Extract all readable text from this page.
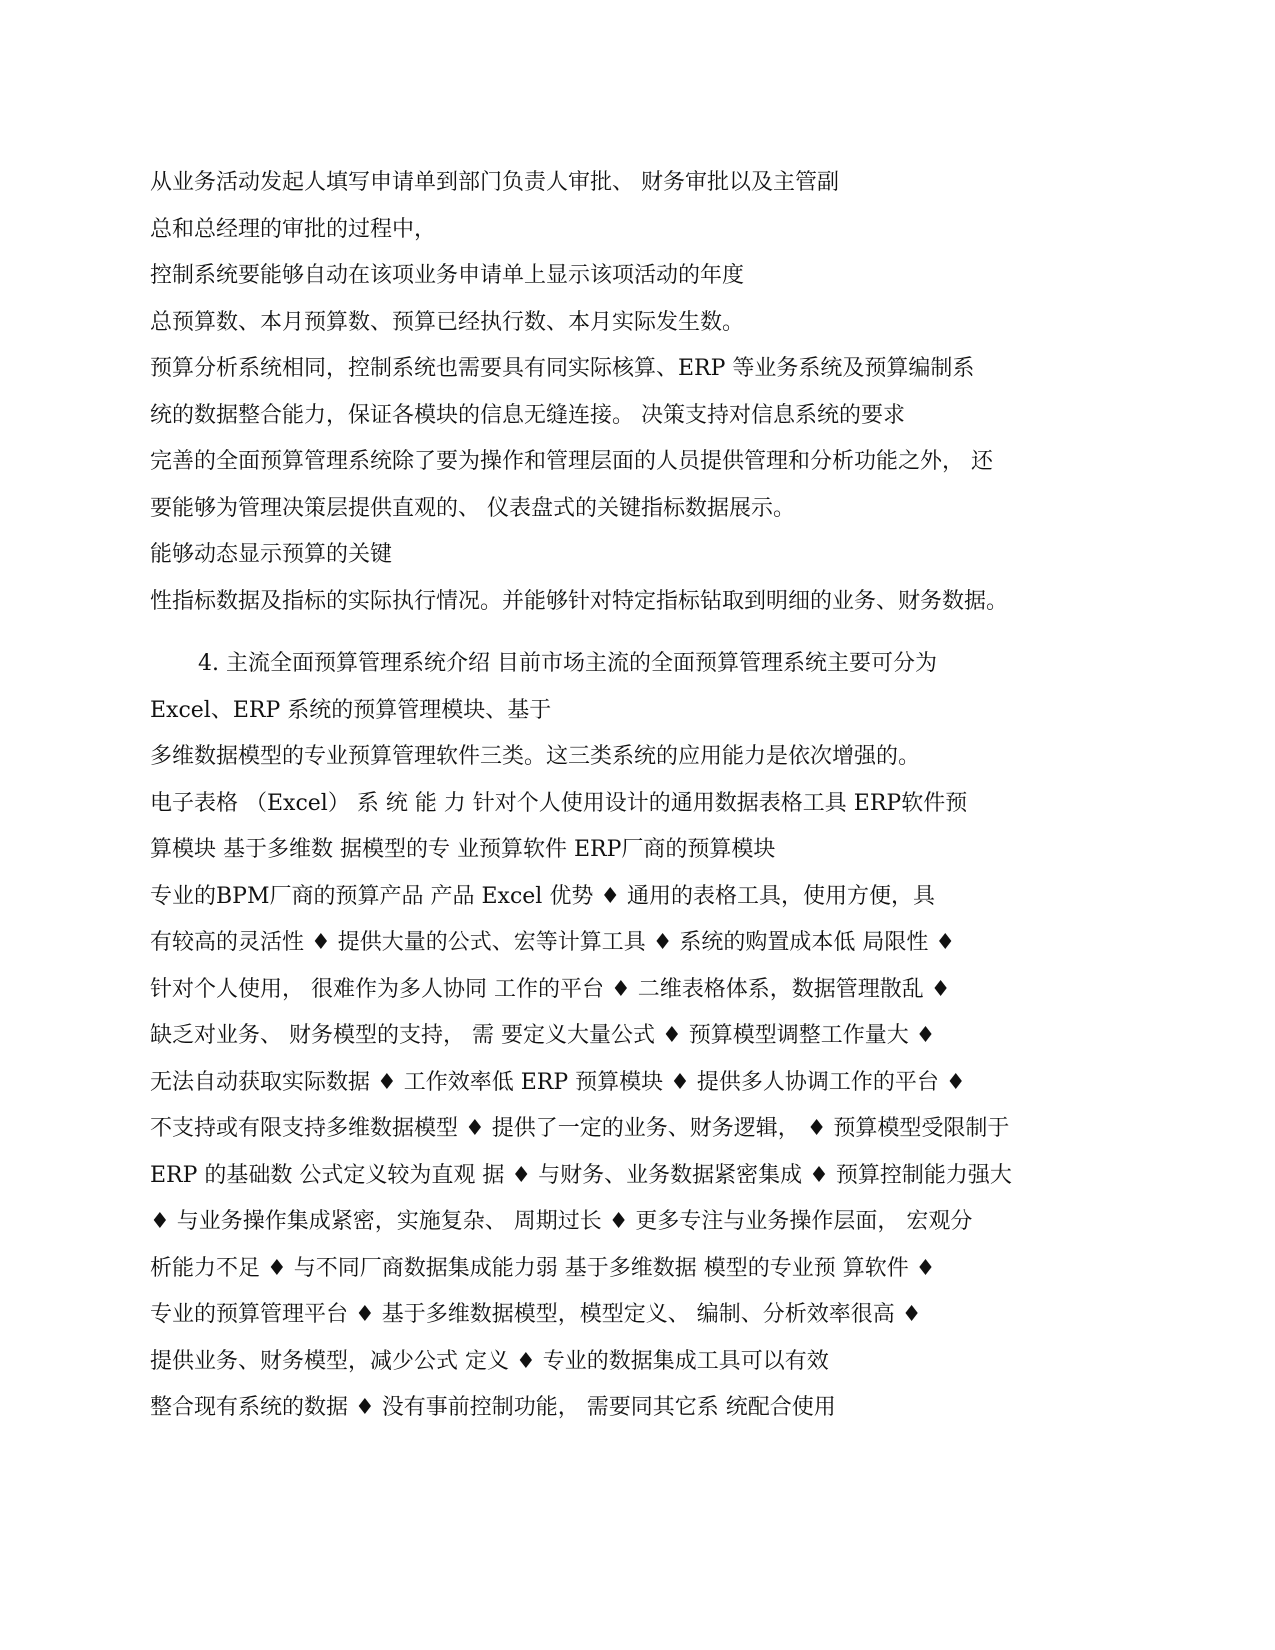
从业务活动发起人填写申请单到部门负责人审批、 财务审批以及主管副
总和总经理的审批的过程中，
控制系统要能够自动在该项业务申请单上显示该项活动的年度
总预算数、本月预算数、预算已经执行数、本月实际发生数。
预算分析系统相同，控制系统也需要具有同实际核算、ERP 等业务系统及预算编制系
统的数据整合能力，保证各模块的信息无缝连接。 决策支持对信息系统的要求
完善的全面预算管理系统除了要为操作和管理层面的人员提供管理和分析功能之外， 还
要能够为管理决策层提供直观的、 仪表盘式的关键指标数据展示。
能够动态显示预算的关键
性指标数据及指标的实际执行情况。并能够针对特定指标钻取到明细的业务、财务数据。
4. 主流全面预算管理系统介绍 目前市场主流的全面预算管理系统主要可分为
Excel、ERP 系统的预算管理模块、基于
多维数据模型的专业预算管理软件三类。这三类系统的应用能力是依次增强的。
电子表格 （Excel） 系 统 能 力 针对个人使用设计的通用数据表格工具 ERP软件预
算模块 基于多维数 据模型的专 业预算软件 ERP厂商的预算模块
专业的BPM厂商的预算产品 产品 Excel 优势 ♦ 通用的表格工具，使用方便，具
有较高的灵活性 ♦ 提供大量的公式、宏等计算工具 ♦ 系统的购置成本低 局限性 ♦
针对个人使用， 很难作为多人协同 工作的平台 ♦ 二维表格体系，数据管理散乱 ♦
缺乏对业务、 财务模型的支持， 需 要定义大量公式 ♦ 预算模型调整工作量大 ♦
无法自动获取实际数据 ♦ 工作效率低 ERP 预算模块 ♦ 提供多人协调工作的平台 ♦
不支持或有限支持多维数据模型 ♦ 提供了一定的业务、财务逻辑， ♦ 预算模型受限制于
ERP 的基础数 公式定义较为直观 据 ♦ 与财务、业务数据紧密集成 ♦ 预算控制能力强大
♦ 与业务操作集成紧密，实施复杂、 周期过长 ♦ 更多专注与业务操作层面， 宏观分
析能力不足 ♦ 与不同厂商数据集成能力弱 基于多维数据 模型的专业预 算软件 ♦
专业的预算管理平台 ♦ 基于多维数据模型，模型定义、 编制、分析效率很高 ♦
提供业务、财务模型，减少公式 定义 ♦ 专业的数据集成工具可以有效
整合现有系统的数据 ♦ 没有事前控制功能， 需要同其它系 统配合使用
